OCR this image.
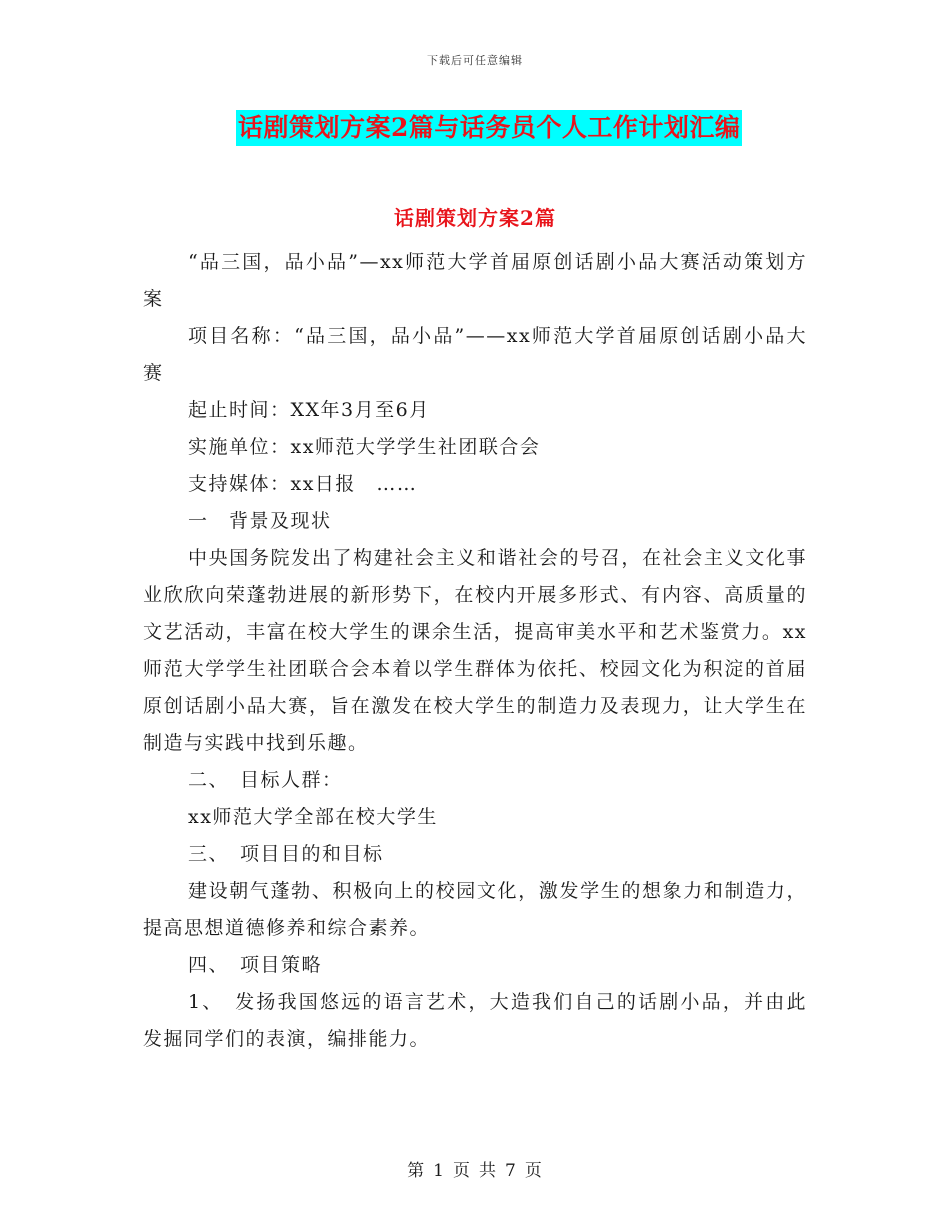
下载后可任意编辑
话剧策划方案2篇与话务员个人工作计划汇编
话剧策划方案2篇

“品三国，品小品”—xx师范大学首届原创话剧小品大赛活动策划方案

项目名称：“品三国，品小品”——xx师范大学首届原创话剧小品大赛

起止时间：XX年3月至6月

实施单位：xx师范大学学生社团联合会

支持媒体：xx日报　……

一　背景及现状

中央国务院发出了构建社会主义和谐社会的号召，在社会主义文化事业欣欣向荣蓬勃进展的新形势下，在校内开展多形式、有内容、高质量的文艺活动，丰富在校大学生的课余生活，提高审美水平和艺术鉴赏力。xx师范大学学生社团联合会本着以学生群体为依托、校园文化为积淀的首届原创话剧小品大赛，旨在激发在校大学生的制造力及表现力，让大学生在制造与实践中找到乐趣。

二、　目标人群：

xx师范大学全部在校大学生

三、　项目目的和目标

建设朝气蓬勃、积极向上的校园文化，激发学生的想象力和制造力，提高思想道德修养和综合素养。

四、　项目策略

1、　发扬我国悠远的语言艺术，大造我们自己的话剧小品，并由此发掘同学们的表演，编排能力。

第 1 页 共 7 页
